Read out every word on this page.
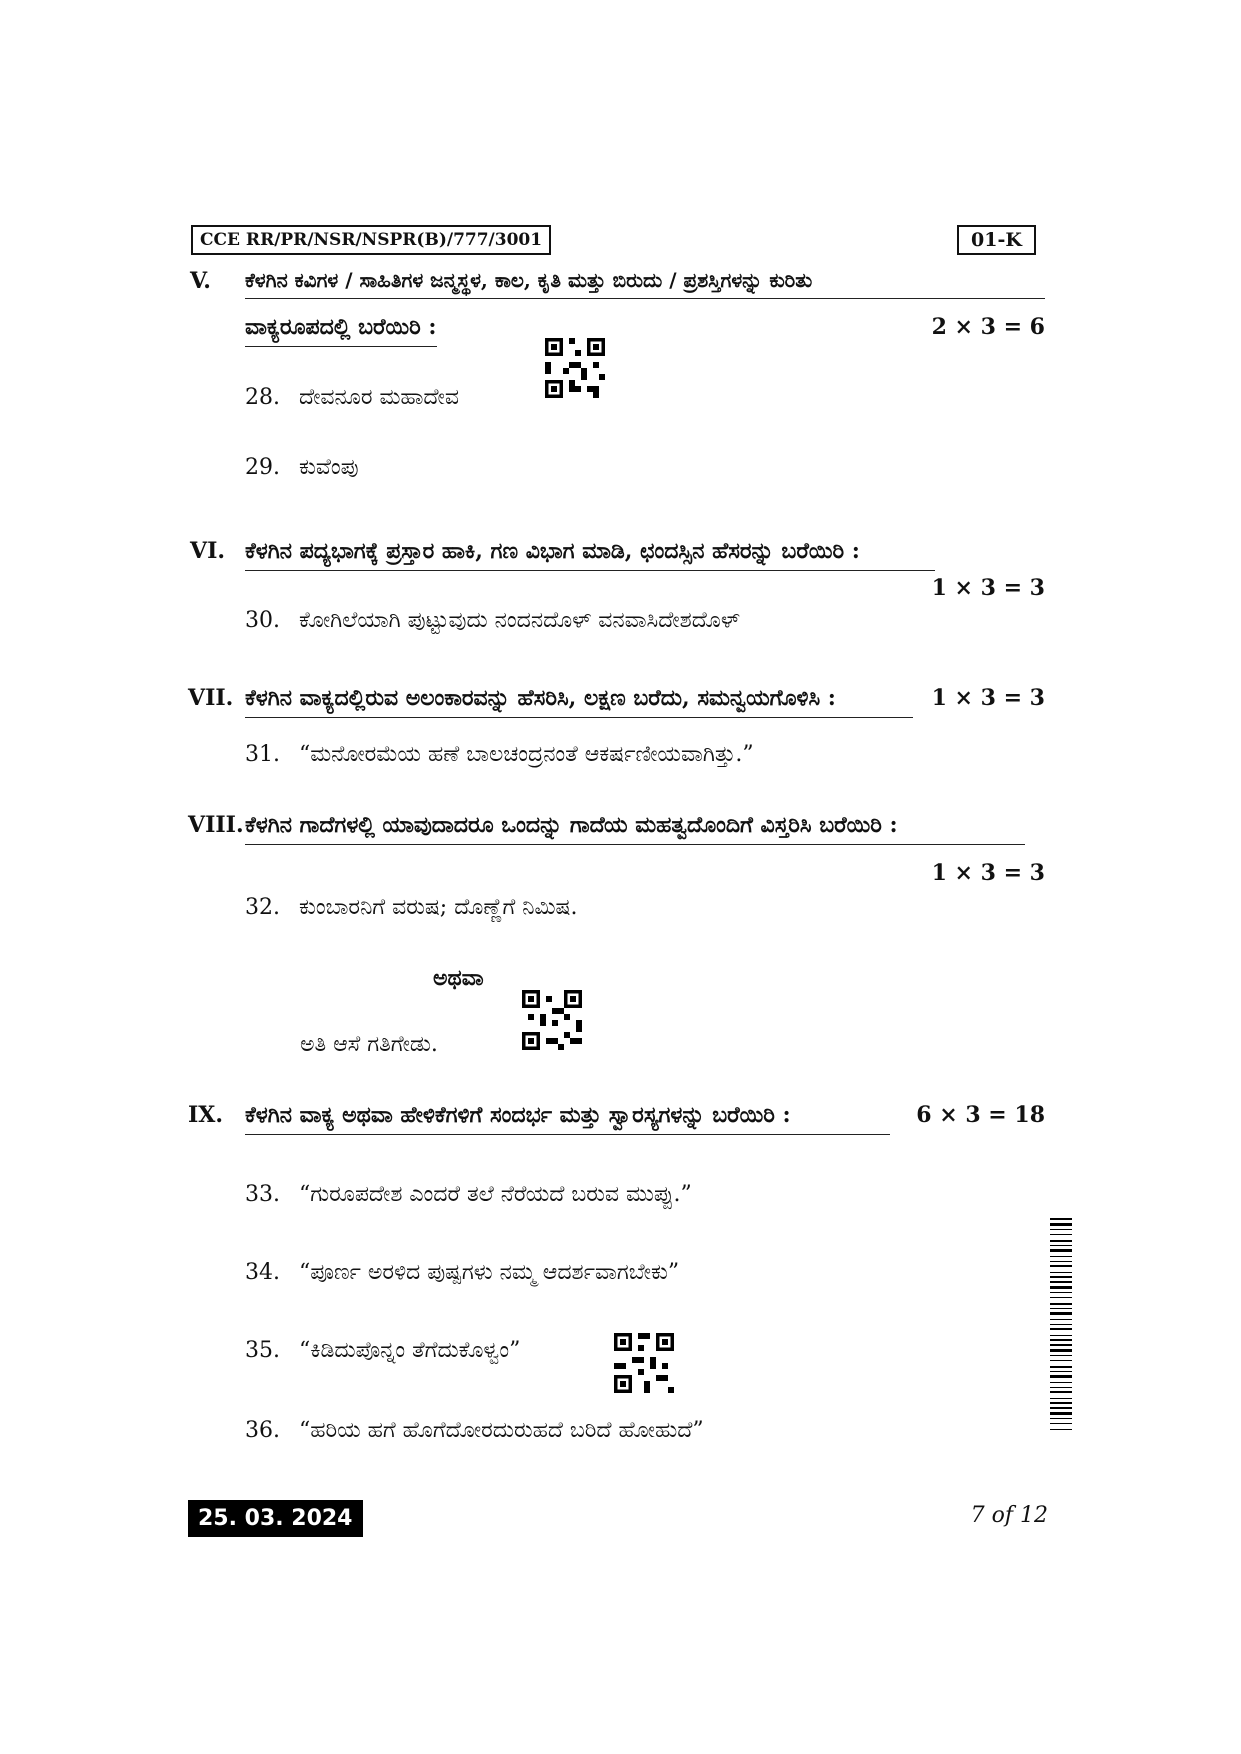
CCE RR/PR/NSR/NSPR(B)/777/3001	01-K
V. ಕೆಳಗಿನ ಕವಿಗಳ / ಸಾಹಿತಿಗಳ ಜನ್ಮಸ್ಥಳ, ಕಾಲ, ಕೃತಿ ಮತ್ತು ಬಿರುದು / ಪ್ರಶಸ್ತಿಗಳನ್ನು ಕುರಿತು
ವಾಕ್ಯರೂಪದಲ್ಲಿ ಬರೆಯಿರಿ :	2 × 3 = 6
28. ದೇವನೂರ ಮಹಾದೇವ
29. ಕುವೆಂಪು
VI. ಕೆಳಗಿನ ಪದ್ಯಭಾಗಕ್ಕೆ ಪ್ರಸ್ತಾರ ಹಾಕಿ, ಗಣ ವಿಭಾಗ ಮಾಡಿ, ಛಂದಸ್ಸಿನ ಹೆಸರನ್ನು ಬರೆಯಿರಿ :
1 × 3 = 3
30. ಕೋಗಿಲೆಯಾಗಿ ಪುಟ್ಟುವುದು ನಂದನದೊಳ್ ವನವಾಸಿದೇಶದೊಳ್
VII. ಕೆಳಗಿನ ವಾಕ್ಯದಲ್ಲಿರುವ ಅಲಂಕಾರವನ್ನು ಹೆಸರಿಸಿ, ಲಕ್ಷಣ ಬರೆದು, ಸಮನ್ವಯಗೊಳಿಸಿ :	1 × 3 = 3
31. “ಮನೋರಮೆಯ ಹಣೆ ಬಾಲಚಂದ್ರನಂತೆ ಆಕರ್ಷಣೀಯವಾಗಿತ್ತು.”
VIII. ಕೆಳಗಿನ ಗಾದೆಗಳಲ್ಲಿ ಯಾವುದಾದರೂ ಒಂದನ್ನು ಗಾದೆಯ ಮಹತ್ವದೊಂದಿಗೆ ವಿಸ್ತರಿಸಿ ಬರೆಯಿರಿ :
1 × 3 = 3
32. ಕುಂಬಾರನಿಗೆ ವರುಷ; ದೊಣ್ಣೆಗೆ ನಿಮಿಷ.
ಅಥವಾ
ಅತಿ ಆಸೆ ಗತಿಗೇಡು.
IX. ಕೆಳಗಿನ ವಾಕ್ಯ ಅಥವಾ ಹೇಳಿಕೆಗಳಿಗೆ ಸಂದರ್ಭ ಮತ್ತು ಸ್ವಾರಸ್ಯಗಳನ್ನು ಬರೆಯಿರಿ :	6 × 3 = 18
33. “ಗುರೂಪದೇಶ ಎಂದರೆ ತಲೆ ನೆರೆಯದೆ ಬರುವ ಮುಪ್ಪು.”
34. “ಪೂರ್ಣ ಅರಳಿದ ಪುಷ್ಪಗಳು ನಮ್ಮ ಆದರ್ಶವಾಗಬೇಕು”
35. “ಕಿಡಿದುಪೊನ್ನಂ ತೆಗೆದುಕೊಳ್ವಂ”
36. “ಹರಿಯ ಹಗೆ ಹೊಗೆದೋರದುರುಹದೆ ಬರಿದೆ ಹೋಹುದೆ”
25. 03. 2024	7 of 12
